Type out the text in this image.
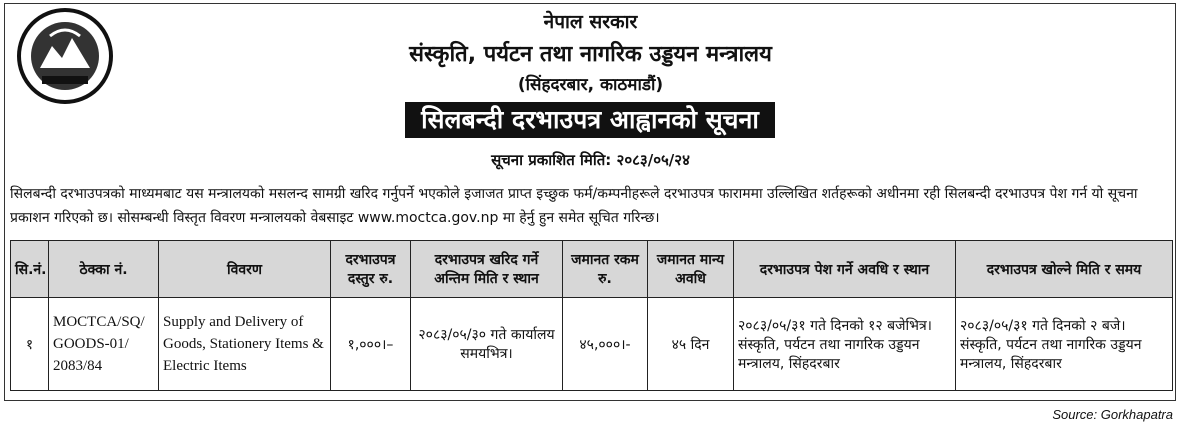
नेपाल सरकार
संस्कृति, पर्यटन तथा नागरिक उड्डयन मन्त्रालय
(सिंहदरबार, काठमाडौं)
सिलबन्दी दरभाउपत्र आह्वानको सूचना
सूचना प्रकाशित मिति: २०८३/०५/२४
सिलबन्दी दरभाउपत्रको माध्यमबाट यस मन्त्रालयको मसलन्द सामग्री खरिद गर्नुपर्ने भएकोले इजाजत प्राप्त इच्छुक फर्म/कम्पनीहरूले दरभाउपत्र फाराममा उल्लिखित शर्तहरूको अधीनमा रही सिलबन्दी दरभाउपत्र पेश गर्न यो सूचना प्रकाशन गरिएको छ। सोसम्बन्धी विस्तृत विवरण मन्त्रालयको वेबसाइट www.moctca.gov.np मा हेर्नु हुन समेत सूचित गरिन्छ।
सि.नं.	ठेक्का नं.	विवरण	दरभाउपत्र दस्तुर रु.	दरभाउपत्र खरिद गर्ने अन्तिम मिति र स्थान	जमानत रकम रु.	जमानत मान्य अवधि	दरभाउपत्र पेश गर्ने अवधि र स्थान	दरभाउपत्र खोल्ने मिति र समय
१	MOCTCA/SQ/ GOODS-01/ 2083/84	Supply and Delivery of Goods, Stationery Items & Electric Items	१,०००।–	२०८३/०५/३० गते कार्यालय समयभित्र।	४५,०००।-	४५ दिन	२०८३/०५/३१ गते दिनको १२ बजेभित्र। संस्कृति, पर्यटन तथा नागरिक उड्डयन मन्त्रालय, सिंहदरबार	२०८३/०५/३१ गते दिनको २ बजे। संस्कृति, पर्यटन तथा नागरिक उड्डयन मन्त्रालय, सिंहदरबार
Source: Gorkhapatra
